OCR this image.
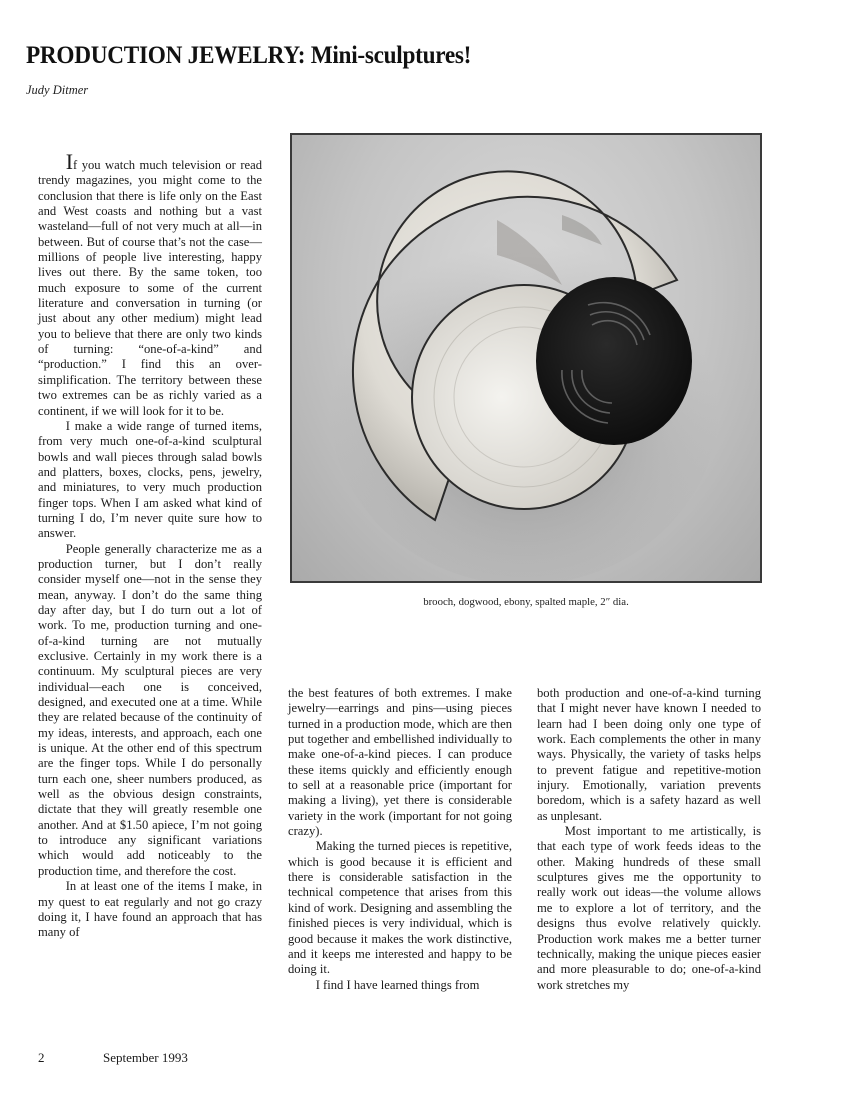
PRODUCTION JEWELRY: Mini-sculptures!
Judy Ditmer

If you watch much television or read trendy magazines, you might come to the conclusion that there is life only on the East and West coasts and nothing but a vast wasteland—full of not very much at all—in between. But of course that’s not the case—millions of people live interesting, happy lives out there. By the same token, too much exposure to some of the current literature and conversation in turning (or just about any other medium) might lead you to believe that there are only two kinds of turning: “one-of-a-kind” and “production.” I find this an over-simplification. The territory between these two extremes can be as richly varied as a continent, if we will look for it to be.

I make a wide range of turned items, from very much one-of-a-kind sculptural bowls and wall pieces through salad bowls and platters, boxes, clocks, pens, jewelry, and miniatures, to very much production finger tops. When I am asked what kind of turning I do, I’m never quite sure how to answer.

People generally characterize me as a production turner, but I don’t really consider myself one—not in the sense they mean, anyway. I don’t do the same thing day after day, but I do turn out a lot of work. To me, production turning and one-of-a-kind turning are not mutually exclusive. Certainly in my work there is a continuum. My sculptural pieces are very individual—each one is conceived, designed, and executed one at a time. While they are related because of the continuity of my ideas, interests, and approach, each one is unique. At the other end of this spectrum are the finger tops. While I do personally turn each one, sheer numbers produced, as well as the obvious design constraints, dictate that they will greatly resemble one another. And at $1.50 apiece, I’m not going to introduce any significant variations which would add noticeably to the production time, and therefore the cost.

In at least one of the items I make, in my quest to eat regularly and not go crazy doing it, I have found an approach that has many of

brooch, dogwood, ebony, spalted maple, 2″ dia.

the best features of both extremes. I make jewelry—earrings and pins—using pieces turned in a production mode, which are then put together and embellished individually to make one-of-a-kind pieces. I can produce these items quickly and efficiently enough to sell at a reasonable price (important for making a living), yet there is considerable variety in the work (important for not going crazy).

Making the turned pieces is repetitive, which is good because it is efficient and there is considerable satisfaction in the technical competence that arises from this kind of work. Designing and assembling the finished pieces is very individual, which is good because it makes the work distinctive, and it keeps me interested and happy to be doing it.

I find I have learned things from

both production and one-of-a-kind turning that I might never have known I needed to learn had I been doing only one type of work. Each complements the other in many ways. Physically, the variety of tasks helps to prevent fatigue and repetitive-motion injury. Emotionally, variation prevents boredom, which is a safety hazard as well as unplesant.

Most important to me artistically, is that each type of work feeds ideas to the other. Making hundreds of these small sculptures gives me the opportunity to really work out ideas—the volume allows me to explore a lot of territory, and the designs thus evolve relatively quickly. Production work makes me a better turner technically, making the unique pieces easier and more pleasurable to do; one-of-a-kind work stretches my

2	September 1993
